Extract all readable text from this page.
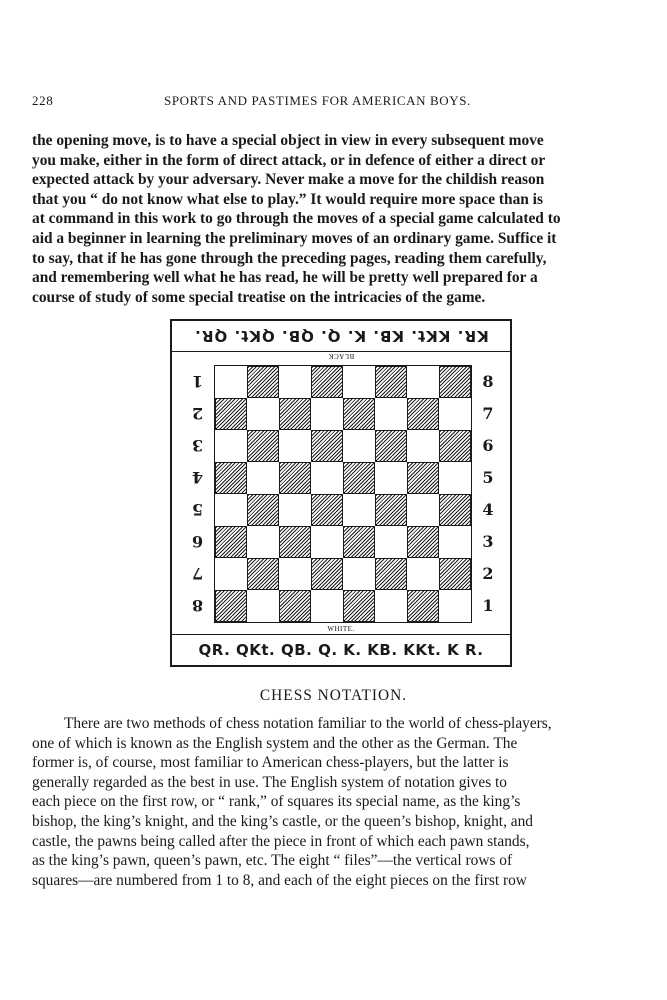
228	SPORTS AND PASTIMES FOR AMERICAN BOYS.
the opening move, is to have a special object in view in every subsequent move
you make, either in the form of direct attack, or in defence of either a direct or
expected attack by your adversary. Never make a move for the childish reason
that you “ do not know what else to play.” It would require more space than is
at command in this work to go through the moves of a special game calculated to
aid a beginner in learning the preliminary moves of an ordinary game. Suffice it
to say, that if he has gone through the preceding pages, reading them carefully,
and remembering well what he has read, he will be pretty well prepared for a
course of study of some special treatise on the intricacies of the game.
KR. KKt. KB. K. Q. QB. QKt. QR.
BLACK
1
2
3
4
5
6
7
8
8
7
6
5
4
3
2
1
WHITE.
QR. QKt. QB. Q. K. KB. KKt. K R.
CHESS NOTATION.
There are two methods of chess notation familiar to the world of chess-players,
one of which is known as the English system and the other as the German. The
former is, of course, most familiar to American chess-players, but the latter is
generally regarded as the best in use. The English system of notation gives to
each piece on the first row, or “ rank,” of squares its special name, as the king’s
bishop, the king’s knight, and the king’s castle, or the queen’s bishop, knight, and
castle, the pawns being called after the piece in front of which each pawn stands,
as the king’s pawn, queen’s pawn, etc. The eight “ files”—the vertical rows of
squares—are numbered from 1 to 8, and each of the eight pieces on the first row
